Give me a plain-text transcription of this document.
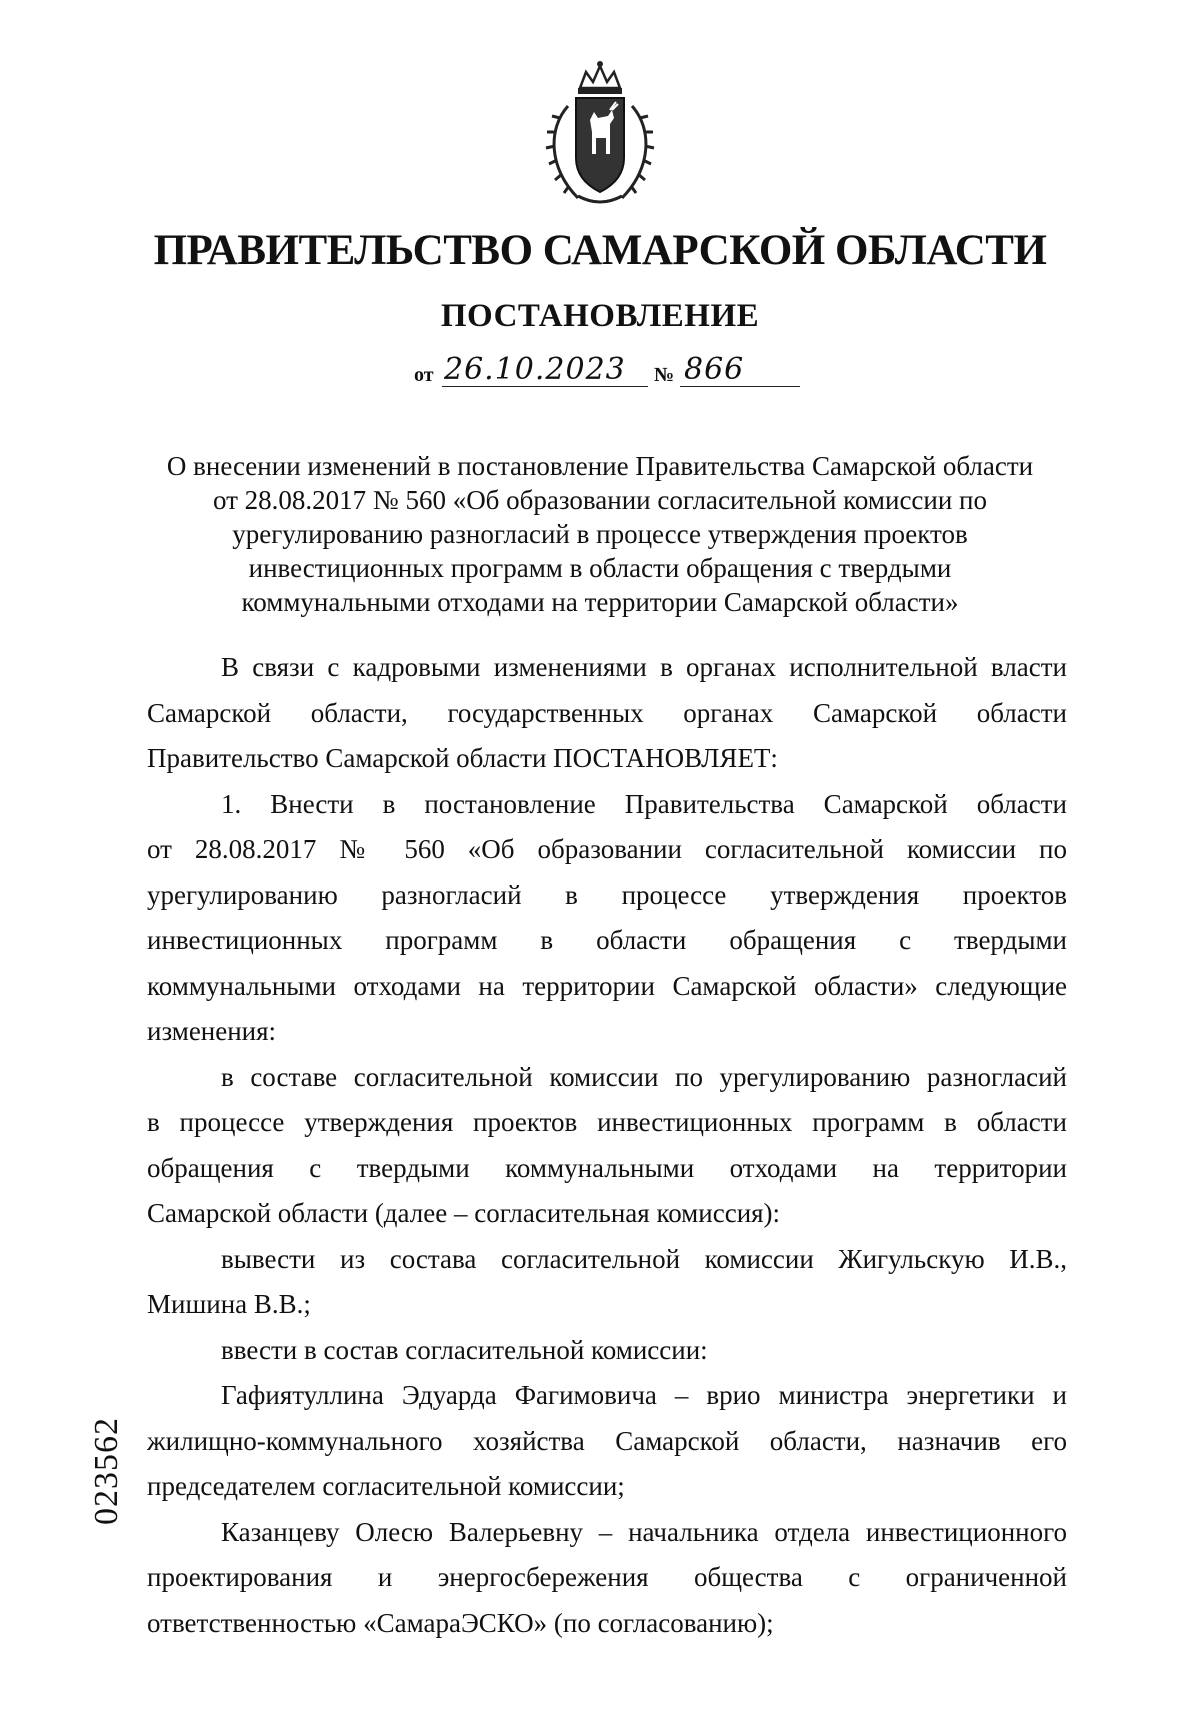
ПРАВИТЕЛЬСТВО САМАРСКОЙ ОБЛАСТИ
ПОСТАНОВЛЕНИЕ
от 26.10.2023 № 866
О внесении изменений в постановление Правительства Самарской области
от 28.08.2017 № 560 «Об образовании согласительной комиссии по
урегулированию разногласий в процессе утверждения проектов
инвестиционных программ в области обращения с твердыми
коммунальными отходами на территории Самарской области»

В связи с кадровыми изменениями в органах исполнительной власти
Самарской области, государственных органах Самарской области
Правительство Самарской области ПОСТАНОВЛЯЕТ:

1. Внести в постановление Правительства Самарской области
от 28.08.2017 № 560 «Об образовании согласительной комиссии по
урегулированию разногласий в процессе утверждения проектов
инвестиционных программ в области обращения с твердыми
коммунальными отходами на территории Самарской области» следующие
изменения:

в составе согласительной комиссии по урегулированию разногласий
в процессе утверждения проектов инвестиционных программ в области
обращения с твердыми коммунальными отходами на территории
Самарской области (далее – согласительная комиссия):

вывести из состава согласительной комиссии Жигульскую И.В.,
Мишина В.В.;

ввести в состав согласительной комиссии:

Гафиятуллина Эдуарда Фагимовича – врио министра энергетики и
жилищно-коммунального хозяйства Самарской области, назначив его
председателем согласительной комиссии;

Казанцеву Олесю Валерьевну – начальника отдела инвестиционного
проектирования и энергосбережения общества с ограниченной
ответственностью «СамараЭСКО» (по согласованию);

023562
